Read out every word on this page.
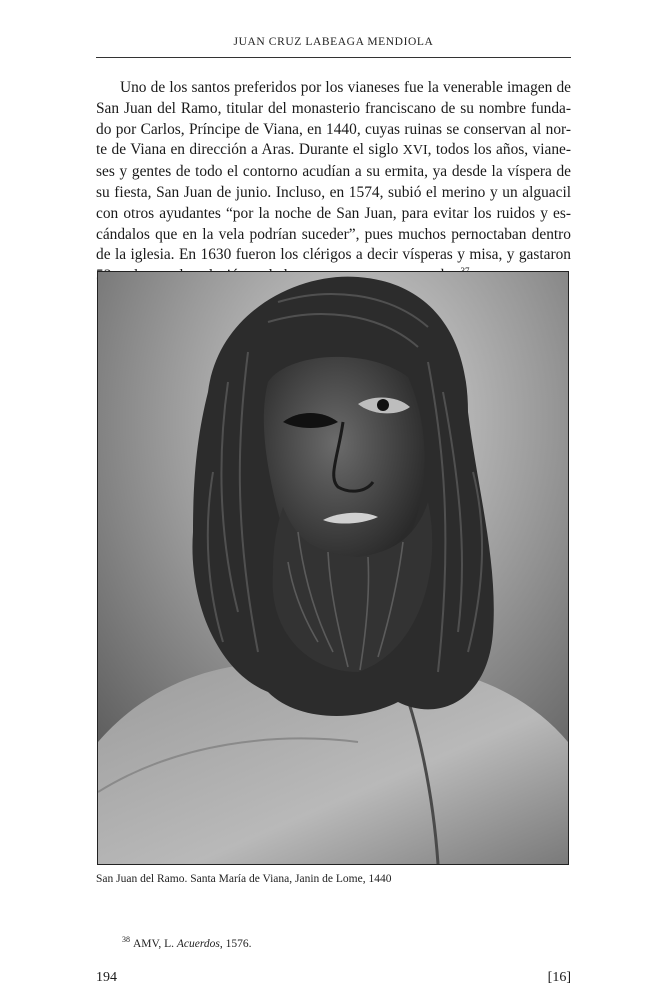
JUAN CRUZ LABEAGA MENDIOLA

Uno de los santos preferidos por los vianeses fue la venerable imagen de San Juan del Ramo, titular del monasterio franciscano de su nombre funda-do por Carlos, Príncipe de Viana, en 1440, cuyas ruinas se conservan al nor-te de Viana en dirección a Aras. Durante el siglo XVI, todos los años, viane-ses y gentes de todo el contorno acudían a su ermita, ya desde la víspera de su fiesta, San Juan de junio. Incluso, en 1574, subió el merino y un alguacil con otros ayudantes “por la noche de San Juan, para evitar los ruidos y es-cándalos que en la vela podrían suceder”, pues muchos pernoctaban dentro de la iglesia. En 1630 fueron los clérigos a decir vísperas y misa, y gastaron

San Juan del Ramo. Santa María de Viana, Janin de Lome, 1440
$^{38}$ AMV, L. Acuerdos, 1576.
194	[16]
